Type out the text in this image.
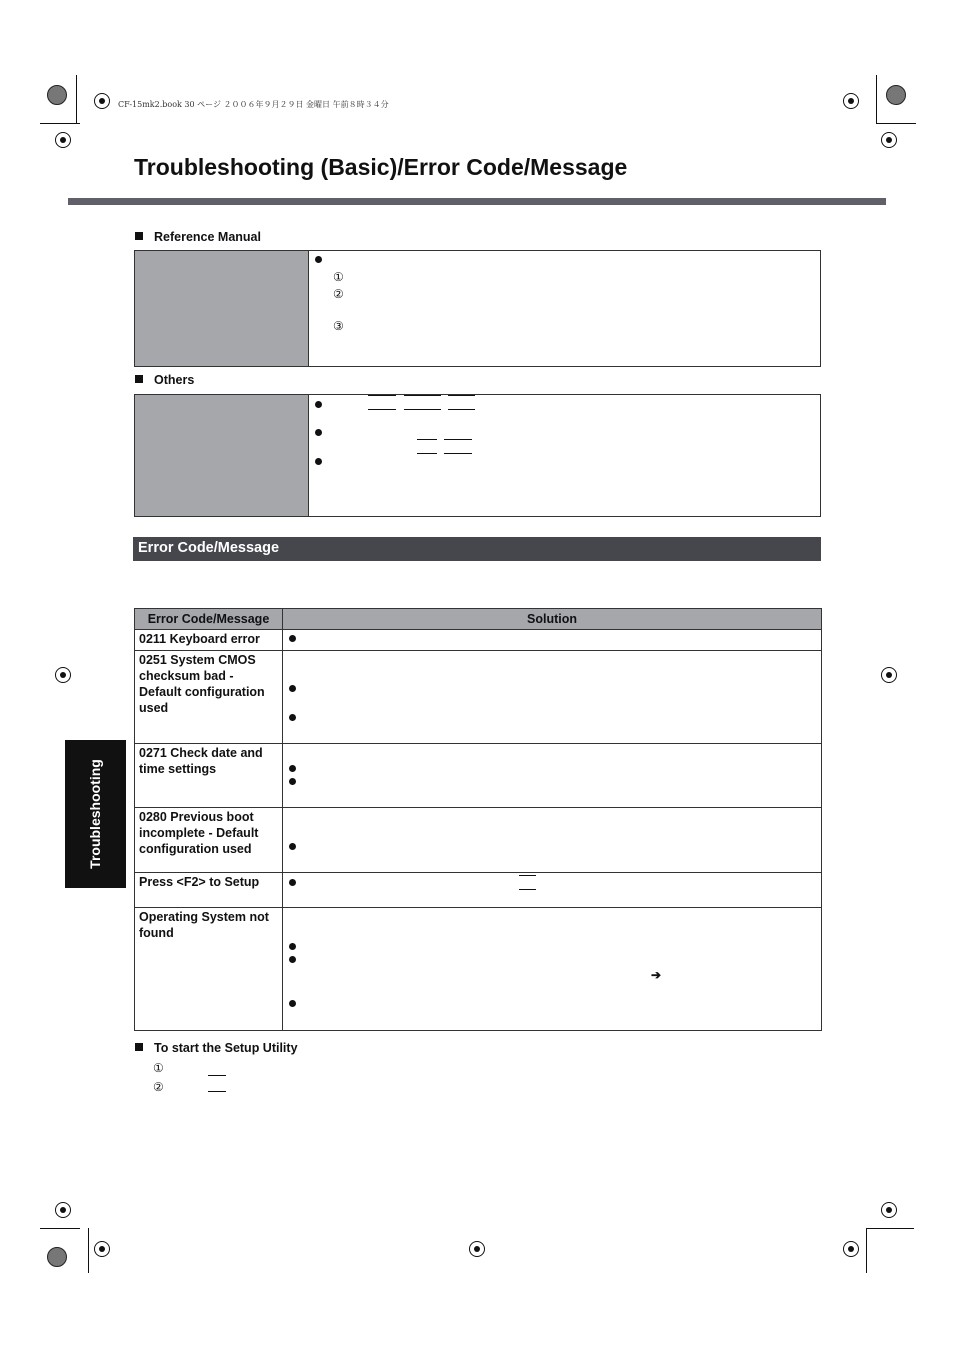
CF-15mk2.book 30 ページ ２００６年９月２９日 金曜日 午前８時３４分
Troubleshooting (Basic)/Error Code/Message
Reference Manual
①
②
③
Others
Error Code/Message
Error Code/Message	Solution
0211 Keyboard error	

0251 System CMOS checksum bad - Default configuration used	

0271 Check date and time settings	

0280 Previous boot incomplete - Default configuration used	

Press <F2> to Setup	

Operating System not found	➔
Troubleshooting
To start the Setup Utility
①
②
